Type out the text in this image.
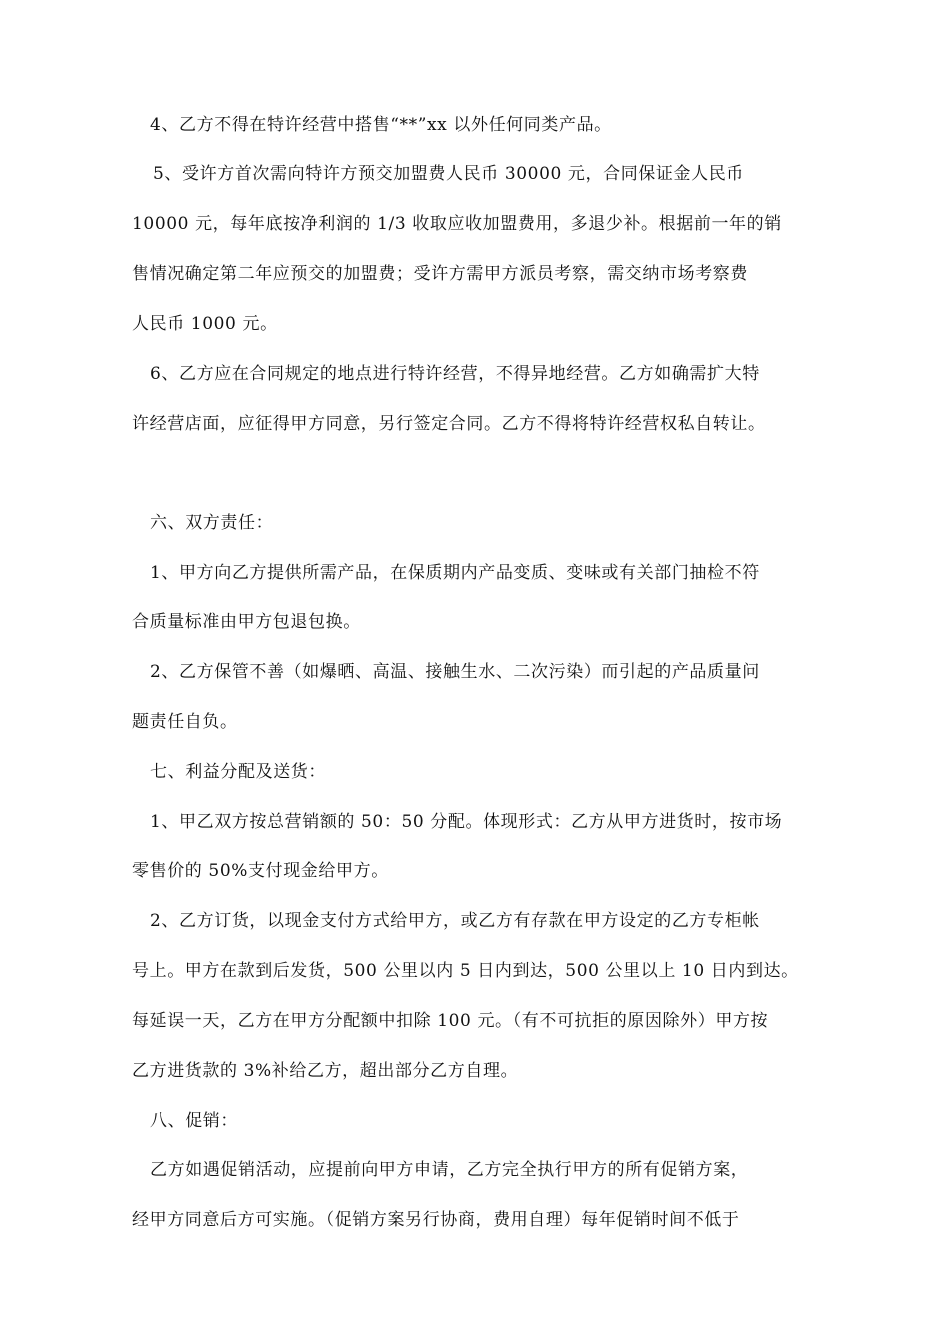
4、乙方不得在特许经营中搭售“**”xx 以外任何同类产品。
5、受许方首次需向特许方预交加盟费人民币 30000 元，合同保证金人民币
10000 元，每年底按净利润的 1/3 收取应收加盟费用，多退少补。根据前一年的销
售情况确定第二年应预交的加盟费；受许方需甲方派员考察，需交纳市场考察费
人民币 1000 元。
6、乙方应在合同规定的地点进行特许经营，不得异地经营。乙方如确需扩大特
许经营店面，应征得甲方同意，另行签定合同。乙方不得将特许经营权私自转让。
六、双方责任：
1、甲方向乙方提供所需产品，在保质期内产品变质、变味或有关部门抽检不符
合质量标准由甲方包退包换。
2、乙方保管不善（如爆晒、高温、接触生水、二次污染）而引起的产品质量问
题责任自负。
七、利益分配及送货：
1、甲乙双方按总营销额的 50：50 分配。体现形式：乙方从甲方进货时，按市场
零售价的 50%支付现金给甲方。
2、乙方订货，以现金支付方式给甲方，或乙方有存款在甲方设定的乙方专柜帐
号上。甲方在款到后发货，500 公里以内 5 日内到达，500 公里以上 10 日内到达。
每延误一天，乙方在甲方分配额中扣除 100 元。（有不可抗拒的原因除外）甲方按
乙方进货款的 3%补给乙方，超出部分乙方自理。
八、促销：
乙方如遇促销活动，应提前向甲方申请，乙方完全执行甲方的所有促销方案，
经甲方同意后方可实施。（促销方案另行协商，费用自理）每年促销时间不低于
